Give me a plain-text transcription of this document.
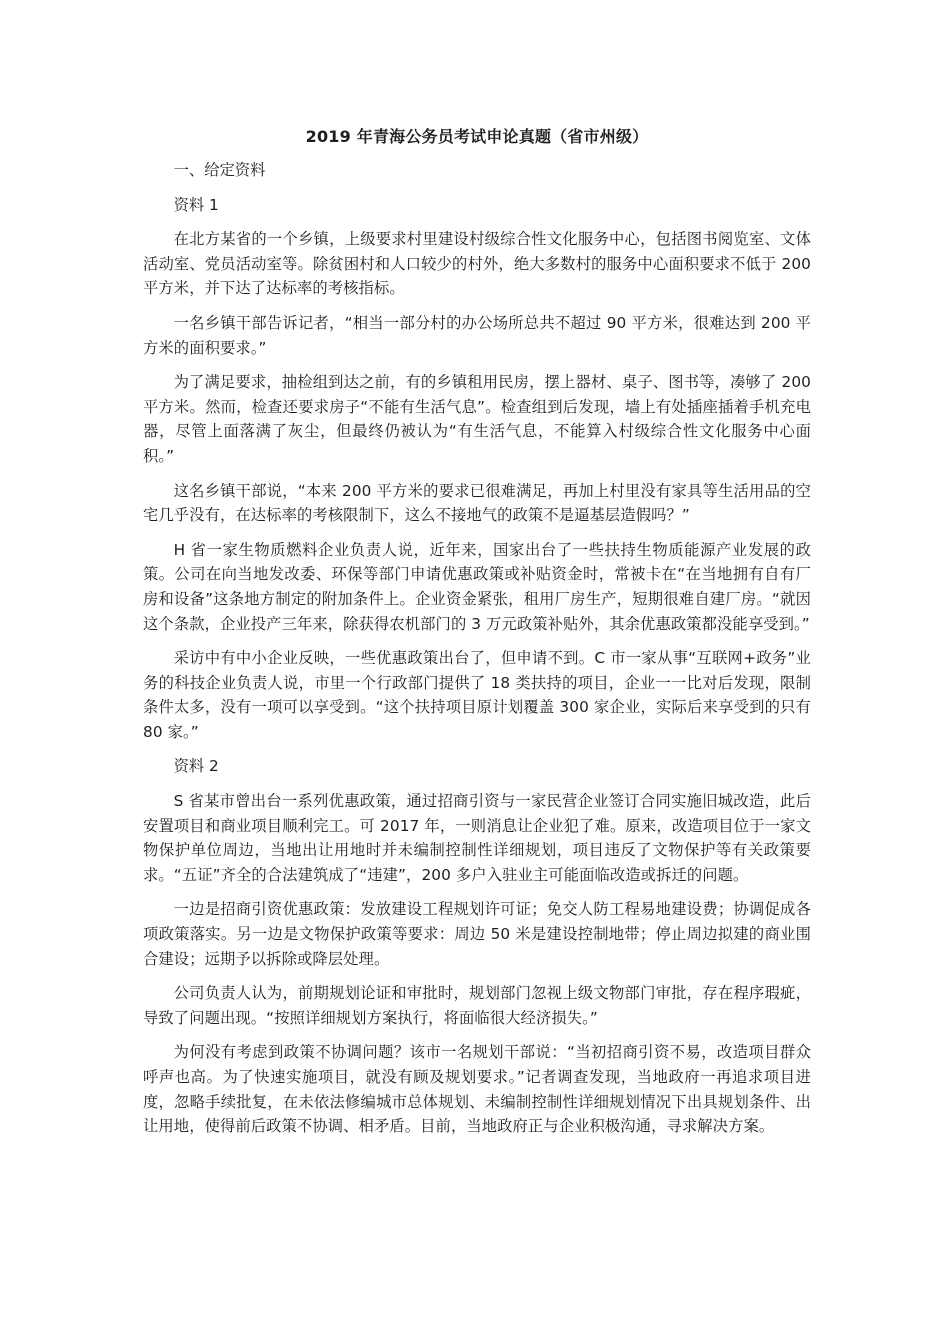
2019 年青海公务员考试申论真题（省市州级）
一、给定资料
资料 1

在北方某省的一个乡镇，上级要求村里建设村级综合性文化服务中心，包括图书阅览室、文体活动室、党员活动室等。除贫困村和人口较少的村外，绝大多数村的服务中心面积要求不低于 200 平方米，并下达了达标率的考核指标。

一名乡镇干部告诉记者，“相当一部分村的办公场所总共不超过 90 平方米，很难达到 200 平方米的面积要求。”

为了满足要求，抽检组到达之前，有的乡镇租用民房，摆上器材、桌子、图书等，凑够了 200 平方米。然而，检查还要求房子“不能有生活气息”。检查组到后发现，墙上有处插座插着手机充电器，尽管上面落满了灰尘，但最终仍被认为“有生活气息，不能算入村级综合性文化服务中心面积。”

这名乡镇干部说，“本来 200 平方米的要求已很难满足，再加上村里没有家具等生活用品的空宅几乎没有，在达标率的考核限制下，这么不接地气的政策不是逼基层造假吗？”

H 省一家生物质燃料企业负责人说，近年来，国家出台了一些扶持生物质能源产业发展的政策。公司在向当地发改委、环保等部门申请优惠政策或补贴资金时，常被卡在“在当地拥有自有厂房和设备”这条地方制定的附加条件上。企业资金紧张，租用厂房生产，短期很难自建厂房。“就因这个条款，企业投产三年来，除获得农机部门的 3 万元政策补贴外，其余优惠政策都没能享受到。”

采访中有中小企业反映，一些优惠政策出台了，但申请不到。C 市一家从事“互联网+政务”业务的科技企业负责人说，市里一个行政部门提供了 18 类扶持的项目，企业一一比对后发现，限制条件太多，没有一项可以享受到。“这个扶持项目原计划覆盖 300 家企业，实际后来享受到的只有 80 家。”

资料 2

S 省某市曾出台一系列优惠政策，通过招商引资与一家民营企业签订合同实施旧城改造，此后安置项目和商业项目顺利完工。可 2017 年，一则消息让企业犯了难。原来，改造项目位于一家文物保护单位周边，当地出让用地时并未编制控制性详细规划，项目违反了文物保护等有关政策要求。“五证”齐全的合法建筑成了“违建”，200 多户入驻业主可能面临改造或拆迁的问题。

一边是招商引资优惠政策：发放建设工程规划许可证；免交人防工程易地建设费；协调促成各项政策落实。另一边是文物保护政策等要求：周边 50 米是建设控制地带；停止周边拟建的商业围合建设；远期予以拆除或降层处理。

公司负责人认为，前期规划论证和审批时，规划部门忽视上级文物部门审批，存在程序瑕疵，导致了问题出现。“按照详细规划方案执行，将面临很大经济损失。”

为何没有考虑到政策不协调问题？该市一名规划干部说：“当初招商引资不易，改造项目群众呼声也高。为了快速实施项目，就没有顾及规划要求。”记者调查发现，当地政府一再追求项目进度，忽略手续批复，在未依法修编城市总体规划、未编制控制性详细规划情况下出具规划条件、出让用地，使得前后政策不协调、相矛盾。目前，当地政府正与企业积极沟通，寻求解决方案。
